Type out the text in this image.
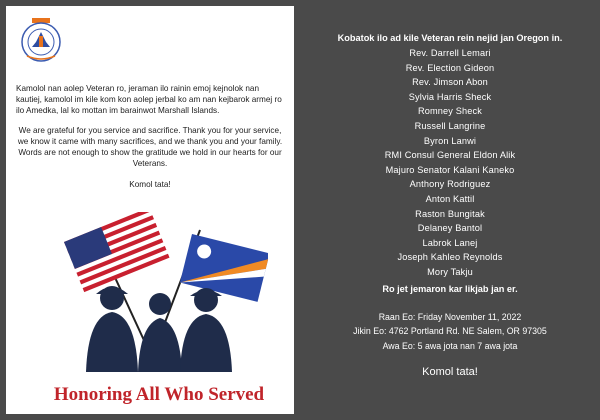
Kamolol nan aolep Veteran ro, jeraman ilo rainin emoj kejnolok nan kautiej, kamolol im kile kom kon aolep jerbal ko am nan kejbarok armej ro ilo Amedka, lal ko mottan im barainwot Marshall Islands.

We are grateful for you service and sacrifice. Thank you for your service, we know it came with many sacrifices, and we thank you and your family. Words are not enough to show the gratitude we hold in our hearts for our Veterans.

Komol tata!

Honoring All Who Served
Kobatok ilo ad kile Veteran rein nejid jan Oregon in.
Rev. Darrell Lemari
Rev. Election Gideon
Rev. Jimson Abon
Sylvia Harris Sheck
Romney Sheck
Russell Langrine
Byron Lanwi
RMI Consul General Eldon Alik
Majuro Senator Kalani Kaneko
Anthony Rodriguez
Anton Kattil
Raston Bungitak
Delaney Bantol
Labrok Lanej
Joseph Kahleo Reynolds
Mory Takju
Ro jet jemaron kar likjab jan er.
Raan Eo: Friday November 11, 2022
Jikin Eo: 4762 Portland Rd. NE Salem, OR 97305
Awa Eo: 5 awa jota nan 7 awa jota
Komol tata!
